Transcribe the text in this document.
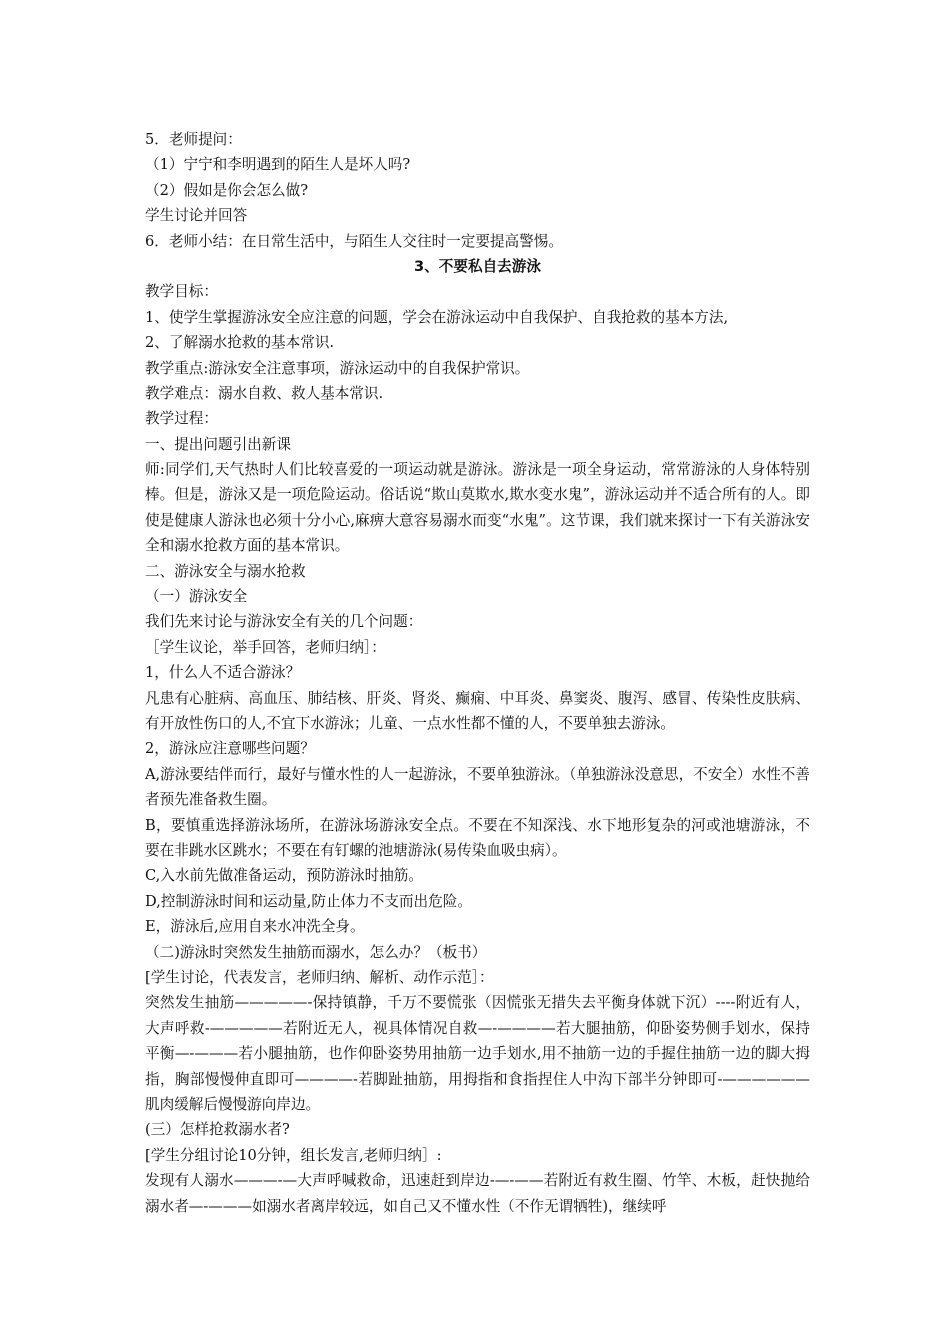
5．老师提问：
（1）宁宁和李明遇到的陌生人是坏人吗?
（2）假如是你会怎么做?
学生讨论并回答
6．老师小结：在日常生活中，与陌生人交往时一定要提高警惕。
3、不要私自去游泳
教学目标：
1、使学生掌握游泳安全应注意的问题，学会在游泳运动中自我保护、自我抢救的基本方法,
2、了解溺水抢救的基本常识.
教学重点:游泳安全注意事项，游泳运动中的自我保护常识。
教学难点：溺水自救、救人基本常识.
教学过程：
一、提出问题引出新课

师:同学们,天气热时人们比较喜爱的一项运动就是游泳。游泳是一项全身运动，常常游泳的人身体特别棒。但是，游泳又是一项危险运动。俗话说“欺山莫欺水,欺水变水鬼”，游泳运动并不适合所有的人。即使是健康人游泳也必须十分小心,麻痹大意容易溺水而变“水鬼”。这节课，我们就来探讨一下有关游泳安全和溺水抢救方面的基本常识。

二、游泳安全与溺水抢救
（一）游泳安全
我们先来讨论与游泳安全有关的几个问题：
［学生议论，举手回答，老师归纳］：
1，什么人不适合游泳？

凡患有心脏病、高血压、肺结核、肝炎、肾炎、癫痫、中耳炎、鼻窦炎、腹泻、感冒、传染性皮肤病、有开放性伤口的人,不宜下水游泳；儿童、一点水性都不懂的人，不要单独去游泳。

2，游泳应注意哪些问题？

A,游泳要结伴而行，最好与懂水性的人一起游泳，不要单独游泳。（单独游泳没意思，不安全）水性不善者预先准备救生圈。

B，要慎重选择游泳场所，在游泳场游泳安全点。不要在不知深浅、水下地形复杂的河或池塘游泳，不要在非跳水区跳水；不要在有钉螺的池塘游泳(易传染血吸虫病）。

C,入水前先做准备运动，预防游泳时抽筋。
D,控制游泳时间和运动量,防止体力不支而出危险。
E，游泳后,应用自来水冲洗全身。
（二)游泳时突然发生抽筋而溺水，怎么办？（板书）
[学生讨论，代表发言，老师归纳、解析、动作示范］：

突然发生抽筋—————-保持镇静，千万不要慌张（因慌张无措失去平衡身体就下沉）----附近有人，大声呼救-—————若附近无人，视具体情况自救—-————若大腿抽筋，仰卧姿势侧手划水，保持平衡—-———若小腿抽筋，也作仰卧姿势用抽筋一边手划水,用不抽筋一边的手握住抽筋一边的脚大拇指，胸部慢慢伸直即可————-若脚趾抽筋，用拇指和食指捏住人中沟下部半分钟即可-——————肌肉缓解后慢慢游向岸边。

(三）怎样抢救溺水者?
[学生分组讨论10分钟，组长发言,老师归纳］:

发现有人溺水———-—大声呼喊救命，迅速赶到岸边-—-——若附近有救生圈、竹竿、木板，赶快抛给溺水者—-———如溺水者离岸较远，如自己又不懂水性（不作无谓牺牲)，继续呼
